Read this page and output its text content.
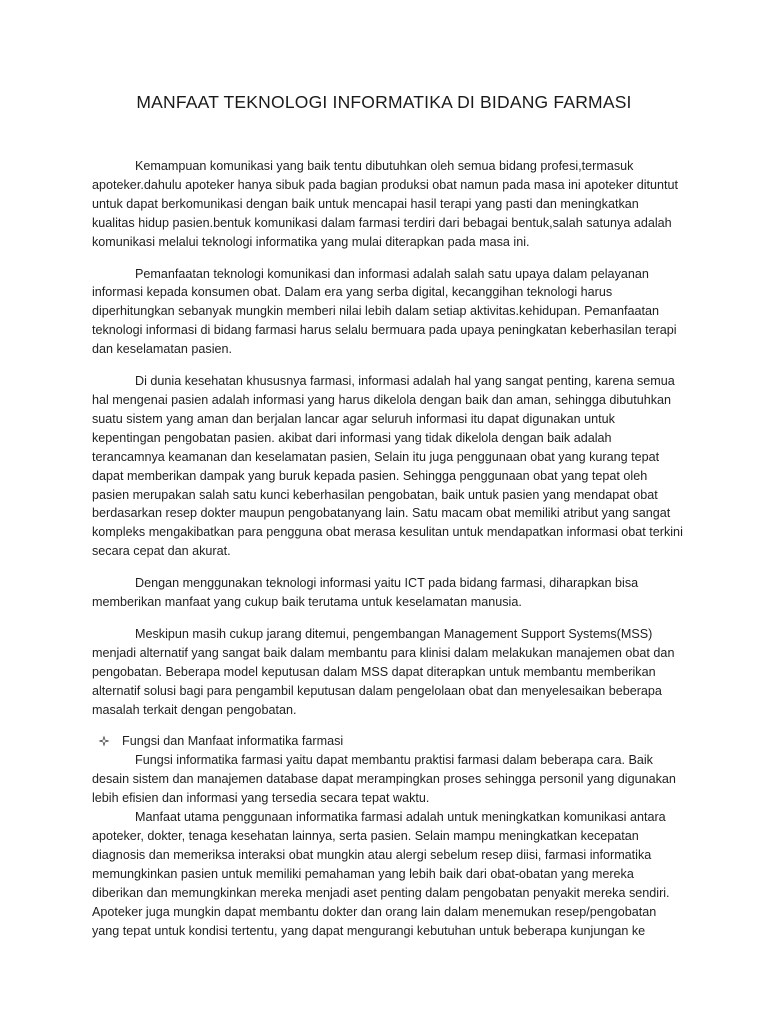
MANFAAT TEKNOLOGI INFORMATIKA DI BIDANG FARMASI

Kemampuan komunikasi yang baik tentu dibutuhkan oleh semua bidang profesi,termasuk apoteker.dahulu apoteker hanya sibuk pada bagian produksi obat namun pada masa ini apoteker dituntut untuk dapat berkomunikasi dengan baik untuk mencapai hasil terapi yang pasti dan meningkatkan kualitas hidup pasien.bentuk komunikasi dalam farmasi terdiri dari bebagai bentuk,salah satunya adalah komunikasi melalui teknologi informatika yang mulai diterapkan pada masa ini.

Pemanfaatan teknologi komunikasi dan informasi adalah salah satu upaya dalam pelayanan informasi kepada konsumen obat. Dalam era yang serba digital, kecanggihan teknologi harus diperhitungkan sebanyak mungkin memberi nilai lebih dalam setiap aktivitas.kehidupan. Pemanfaatan teknologi informasi di bidang farmasi harus selalu bermuara pada upaya peningkatan keberhasilan terapi dan keselamatan pasien.

Di dunia kesehatan khususnya farmasi, informasi adalah hal yang sangat penting, karena semua hal mengenai pasien adalah informasi yang harus dikelola dengan baik dan aman, sehingga dibutuhkan suatu sistem yang aman dan berjalan lancar agar seluruh informasi itu dapat digunakan untuk kepentingan pengobatan pasien. akibat dari informasi yang tidak dikelola dengan baik adalah terancamnya keamanan dan keselamatan pasien, Selain itu juga penggunaan obat yang kurang tepat dapat memberikan dampak yang buruk kepada pasien. Sehingga penggunaan obat yang tepat oleh pasien merupakan salah satu kunci keberhasilan pengobatan, baik untuk pasien yang mendapat obat berdasarkan resep dokter maupun pengobatanyang lain. Satu macam obat memiliki atribut yang sangat kompleks mengakibatkan para pengguna obat merasa kesulitan untuk mendapatkan informasi obat terkini secara cepat dan akurat.

Dengan menggunakan teknologi informasi yaitu ICT pada bidang farmasi, diharapkan bisa memberikan manfaat yang cukup baik terutama untuk keselamatan manusia.

Meskipun masih cukup jarang ditemui, pengembangan Management Support Systems(MSS) menjadi alternatif yang sangat baik dalam membantu para klinisi dalam melakukan manajemen obat dan pengobatan. Beberapa model keputusan dalam MSS dapat diterapkan untuk membantu memberikan alternatif solusi bagi para pengambil keputusan dalam pengelolaan obat dan menyelesaikan beberapa masalah terkait dengan pengobatan.

Fungsi dan Manfaat informatika farmasi

Fungsi informatika farmasi yaitu dapat membantu praktisi farmasi dalam beberapa cara. Baik desain sistem dan manajemen database dapat merampingkan proses sehingga personil yang digunakan lebih efisien dan informasi yang tersedia secara tepat waktu.

Manfaat utama penggunaan informatika farmasi adalah untuk meningkatkan komunikasi antara apoteker, dokter, tenaga kesehatan lainnya, serta pasien. Selain mampu meningkatkan kecepatan diagnosis dan memeriksa interaksi obat mungkin atau alergi sebelum resep diisi, farmasi informatika memungkinkan pasien untuk memiliki pemahaman yang lebih baik dari obat-obatan yang mereka diberikan dan memungkinkan mereka menjadi aset penting dalam pengobatan penyakit mereka sendiri. Apoteker juga mungkin dapat membantu dokter dan orang lain dalam menemukan resep/pengobatan yang tepat untuk kondisi tertentu, yang dapat mengurangi kebutuhan untuk beberapa kunjungan ke
